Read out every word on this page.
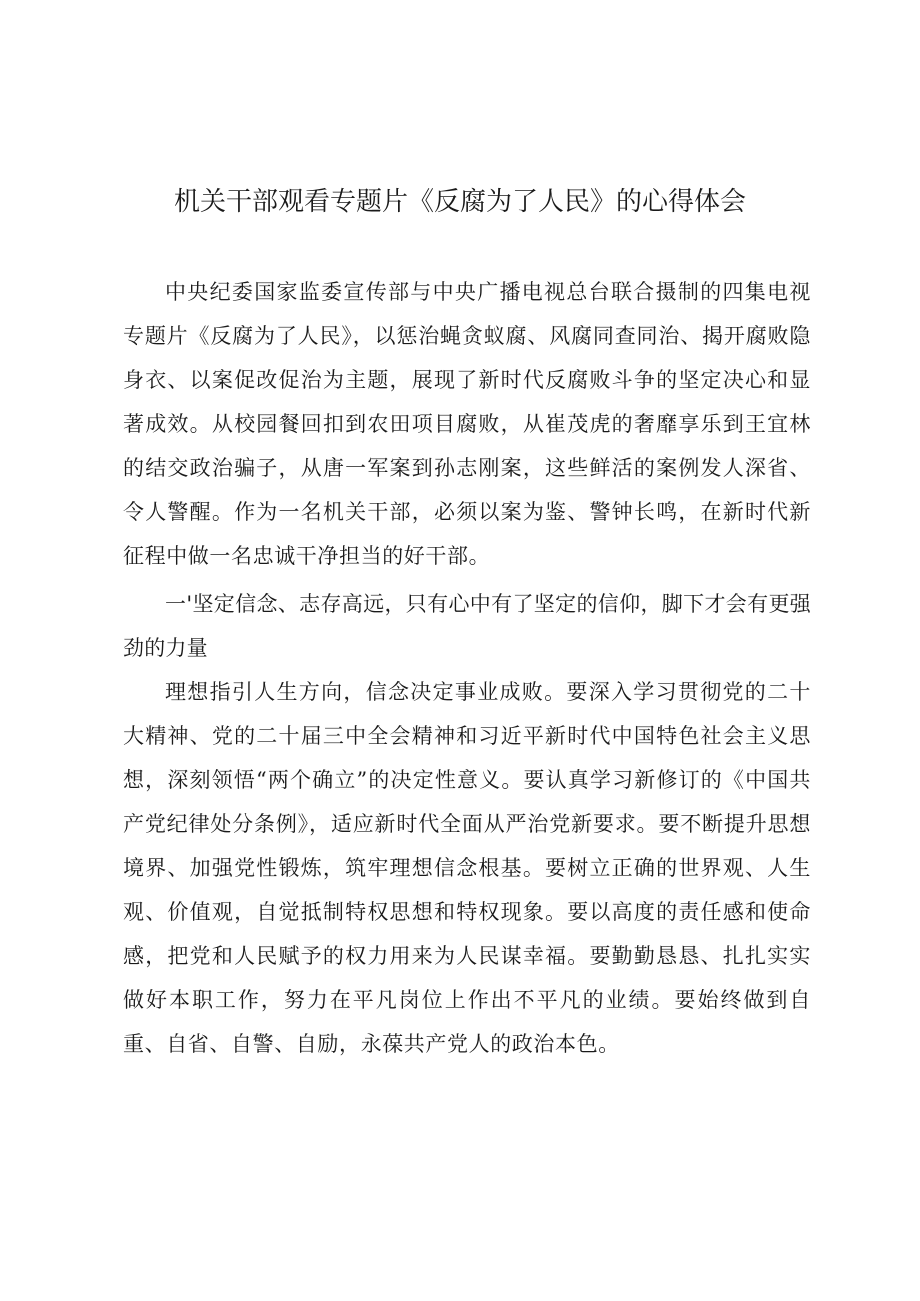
机关干部观看专题片《反腐为了人民》的心得体会

中央纪委国家监委宣传部与中央广播电视总台联合摄制的四集电视专题片《反腐为了人民》，以惩治蝇贪蚁腐、风腐同查同治、揭开腐败隐身衣、以案促改促治为主题，展现了新时代反腐败斗争的坚定决心和显著成效。从校园餐回扣到农田项目腐败，从崔茂虎的奢靡享乐到王宜林的结交政治骗子，从唐一军案到孙志刚案，这些鲜活的案例发人深省、令人警醒。作为一名机关干部，必须以案为鉴、警钟长鸣，在新时代新征程中做一名忠诚干净担当的好干部。

一'坚定信念、志存高远，只有心中有了坚定的信仰，脚下才会有更强劲的力量

理想指引人生方向，信念决定事业成败。要深入学习贯彻党的二十大精神、党的二十届三中全会精神和习近平新时代中国特色社会主义思想，深刻领悟“两个确立”的决定性意义。要认真学习新修订的《中国共产党纪律处分条例》，适应新时代全面从严治党新要求。要不断提升思想境界、加强党性锻炼，筑牢理想信念根基。要树立正确的世界观、人生观、价值观，自觉抵制特权思想和特权现象。要以高度的责任感和使命感，把党和人民赋予的权力用来为人民谋幸福。要勤勤恳恳、扎扎实实做好本职工作，努力在平凡岗位上作出不平凡的业绩。要始终做到自重、自省、自警、自励，永葆共产党人的政治本色。
